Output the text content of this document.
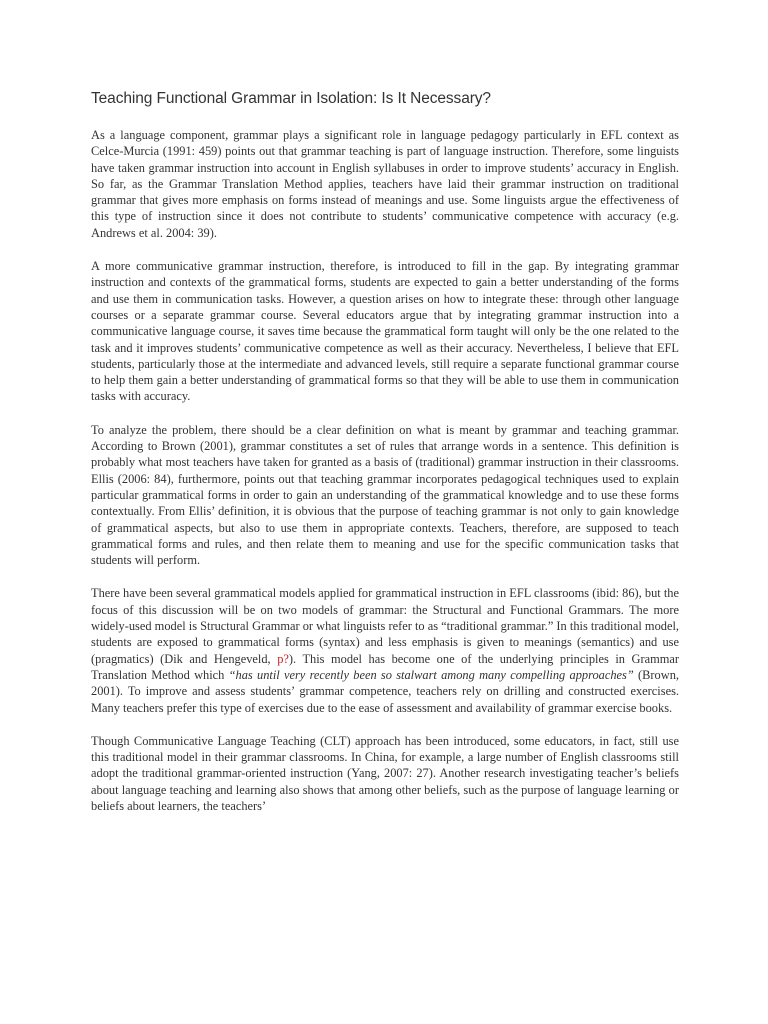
Teaching Functional Grammar in Isolation: Is It Necessary?

As a language component, grammar plays a significant role in language pedagogy particularly in EFL context as Celce-Murcia (1991: 459) points out that grammar teaching is part of language instruction. Therefore, some linguists have taken grammar instruction into account in English syllabuses in order to improve students’ accuracy in English. So far, as the Grammar Translation Method applies, teachers have laid their grammar instruction on traditional grammar that gives more emphasis on forms instead of meanings and use. Some linguists argue the effectiveness of this type of instruction since it does not contribute to students’ communicative competence with accuracy (e.g. Andrews et al. 2004: 39).

A more communicative grammar instruction, therefore, is introduced to fill in the gap. By integrating grammar instruction and contexts of the grammatical forms, students are expected to gain a better understanding of the forms and use them in communication tasks. However, a question arises on how to integrate these: through other language courses or a separate grammar course. Several educators argue that by integrating grammar instruction into a communicative language course, it saves time because the grammatical form taught will only be the one related to the task and it improves students’ communicative competence as well as their accuracy. Nevertheless, I believe that EFL students, particularly those at the intermediate and advanced levels, still require a separate functional grammar course to help them gain a better understanding of grammatical forms so that they will be able to use them in communication tasks with accuracy.

To analyze the problem, there should be a clear definition on what is meant by grammar and teaching grammar. According to Brown (2001), grammar constitutes a set of rules that arrange words in a sentence. This definition is probably what most teachers have taken for granted as a basis of (traditional) grammar instruction in their classrooms. Ellis (2006: 84), furthermore, points out that teaching grammar incorporates pedagogical techniques used to explain particular grammatical forms in order to gain an understanding of the grammatical knowledge and to use these forms contextually. From Ellis’ definition, it is obvious that the purpose of teaching grammar is not only to gain knowledge of grammatical aspects, but also to use them in appropriate contexts. Teachers, therefore, are supposed to teach grammatical forms and rules, and then relate them to meaning and use for the specific communication tasks that students will perform.

There have been several grammatical models applied for grammatical instruction in EFL classrooms (ibid: 86), but the focus of this discussion will be on two models of grammar: the Structural and Functional Grammars. The more widely-used model is Structural Grammar or what linguists refer to as “traditional grammar.” In this traditional model, students are exposed to grammatical forms (syntax) and less emphasis is given to meanings (semantics) and use (pragmatics) (Dik and Hengeveld, p?). This model has become one of the underlying principles in Grammar Translation Method which “has until very recently been so stalwart among many compelling approaches” (Brown, 2001). To improve and assess students’ grammar competence, teachers rely on drilling and constructed exercises. Many teachers prefer this type of exercises due to the ease of assessment and availability of grammar exercise books.

Though Communicative Language Teaching (CLT) approach has been introduced, some educators, in fact, still use this traditional model in their grammar classrooms. In China, for example, a large number of English classrooms still adopt the traditional grammar-oriented instruction (Yang, 2007: 27). Another research investigating teacher’s beliefs about language teaching and learning also shows that among other beliefs, such as the purpose of language learning or beliefs about learners, the teachers’
